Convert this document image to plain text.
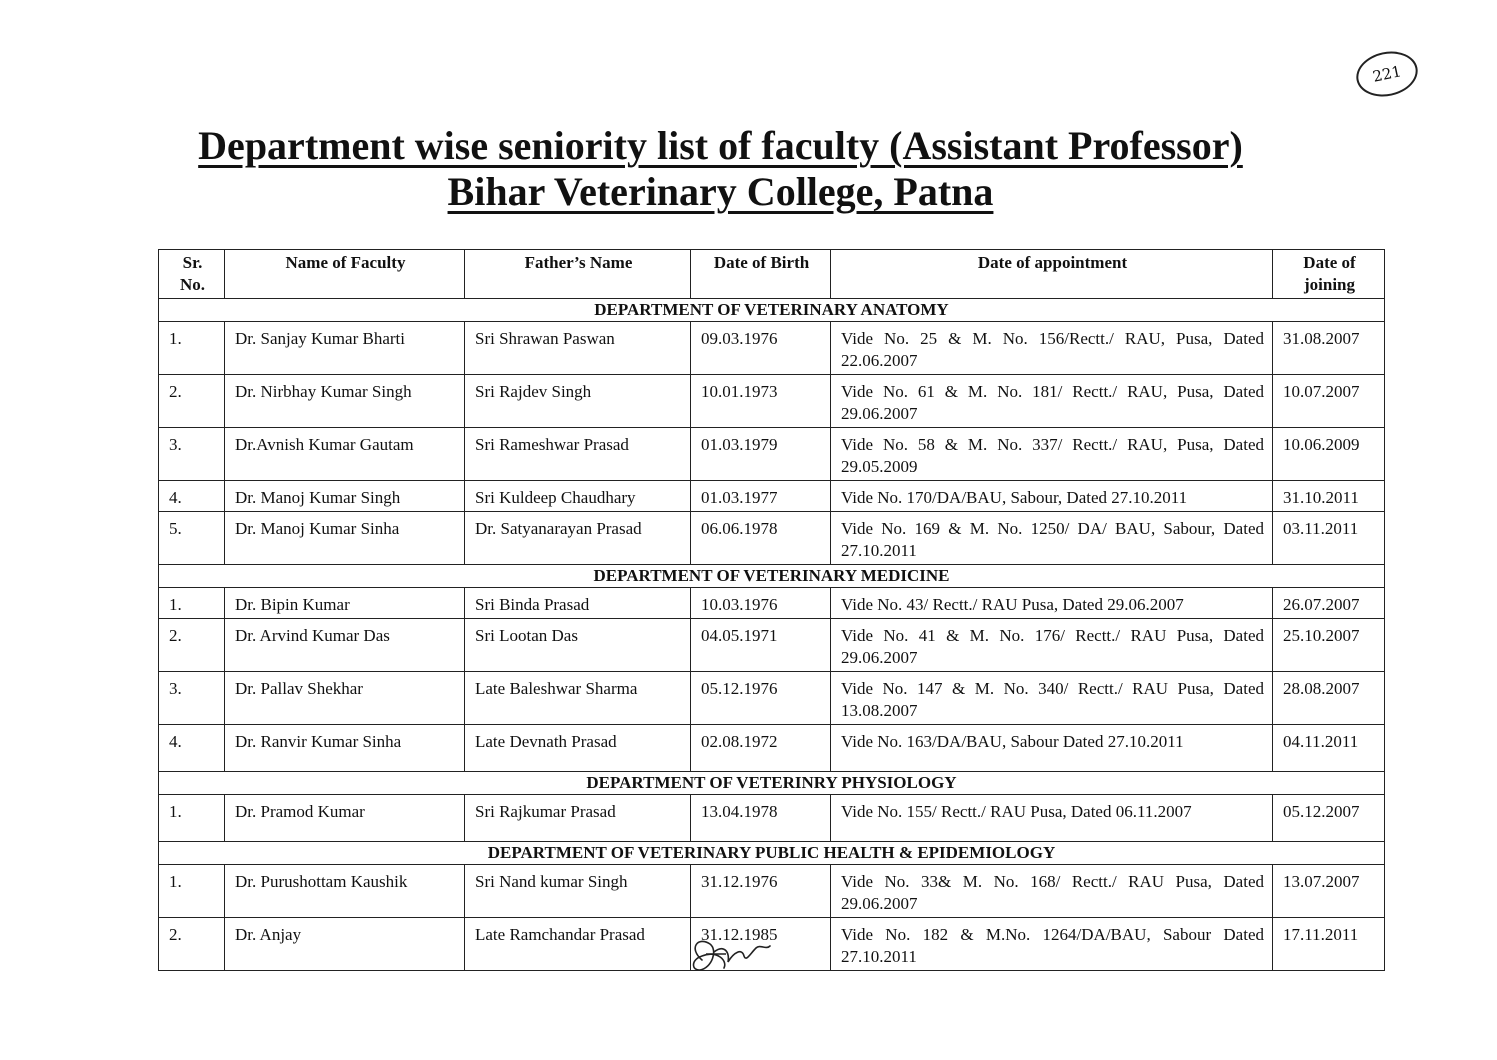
221
Department wise seniority list of faculty (Assistant Professor)
Bihar Veterinary College, Patna
Sr. No.	Name of Faculty	Father’s Name	Date of Birth	Date of appointment	Date of joining
DEPARTMENT OF VETERINARY ANATOMY					
1.	Dr. Sanjay Kumar Bharti	Sri Shrawan Paswan	09.03.1976	Vide No. 25 & M. No. 156/Rectt./ RAU, Pusa, Dated 22.06.2007	31.08.2007
2.	Dr. Nirbhay Kumar Singh	Sri Rajdev Singh	10.01.1973	Vide No. 61 & M. No. 181/ Rectt./ RAU, Pusa, Dated 29.06.2007	10.07.2007
3.	Dr.Avnish Kumar Gautam	Sri Rameshwar Prasad	01.03.1979	Vide No. 58 & M. No. 337/ Rectt./ RAU, Pusa, Dated 29.05.2009	10.06.2009
4.	Dr. Manoj Kumar Singh	Sri Kuldeep Chaudhary	01.03.1977	Vide No. 170/DA/BAU, Sabour, Dated 27.10.2011	31.10.2011
5.	Dr. Manoj Kumar Sinha	Dr. Satyanarayan Prasad	06.06.1978	Vide No. 169 & M. No. 1250/ DA/ BAU, Sabour, Dated 27.10.2011	03.11.2011
DEPARTMENT OF VETERINARY MEDICINE					
1.	Dr. Bipin Kumar	Sri Binda Prasad	10.03.1976	Vide No. 43/ Rectt./ RAU Pusa, Dated 29.06.2007	26.07.2007
2.	Dr. Arvind Kumar Das	Sri Lootan Das	04.05.1971	Vide No. 41 & M. No. 176/ Rectt./ RAU Pusa, Dated 29.06.2007	25.10.2007
3.	Dr. Pallav Shekhar	Late Baleshwar Sharma	05.12.1976	Vide No. 147 & M. No. 340/ Rectt./ RAU Pusa, Dated 13.08.2007	28.08.2007
4.	Dr. Ranvir Kumar Sinha	Late Devnath Prasad	02.08.1972	Vide No. 163/DA/BAU, Sabour Dated 27.10.2011	04.11.2011
DEPARTMENT OF VETERINRY PHYSIOLOGY					
1.	Dr. Pramod Kumar	Sri Rajkumar Prasad	13.04.1978	Vide No. 155/ Rectt./ RAU Pusa, Dated 06.11.2007	05.12.2007
DEPARTMENT OF VETERINARY PUBLIC HEALTH & EPIDEMIOLOGY					
1.	Dr. Purushottam Kaushik	Sri Nand kumar Singh	31.12.1976	Vide No. 33& M. No. 168/ Rectt./ RAU Pusa, Dated 29.06.2007	13.07.2007
2.	Dr. Anjay	Late Ramchandar Prasad	31.12.1985	Vide No. 182 & M.No. 1264/DA/BAU, Sabour Dated 27.10.2011	17.11.2011
